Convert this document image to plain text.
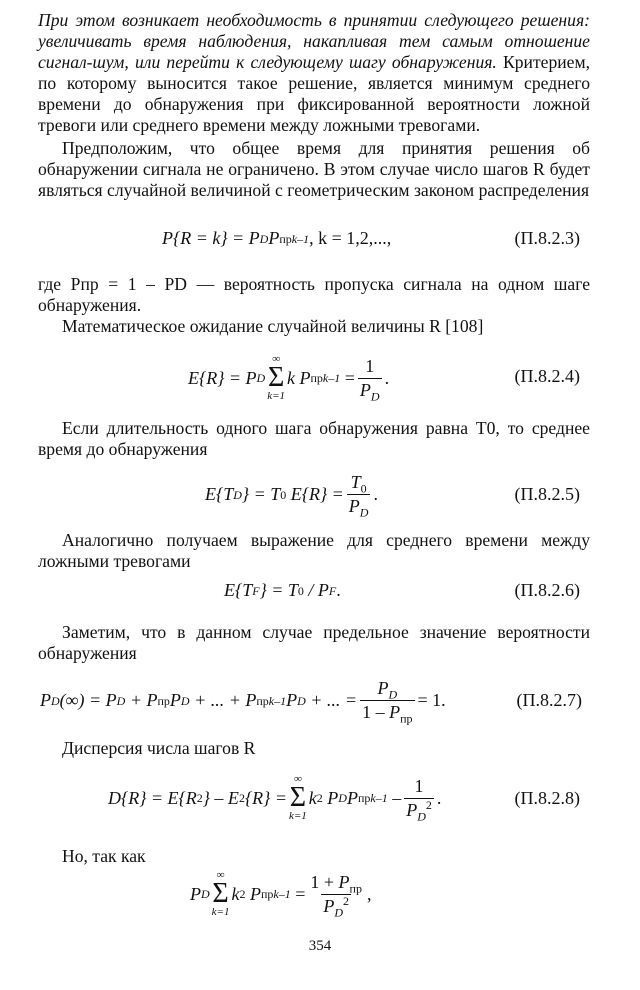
При этом возникает необходимость в принятии следующего решения: увеличивать время наблюдения, накапливая тем самым отношение сигнал-шум, или перейти к следующему шагу обнаружения. Критерием, по которому выносится такое решение, является минимум среднего времени до обнаружения при фиксированной вероятности ложной тревоги или среднего времени между ложными тревогами.

Предположим, что общее время для принятия решения об обнаружении сигнала не ограничено. В этом случае число шагов R будет являться случайной величиной с геометрическим законом распределения

P{R = k} = P D P пр k–1 , k = 1,2,...,	(П.8.2.3)

где Pпр = 1 – PD — вероятность пропуска сигнала на одном шаге обнаружения.

Математическое ожидание случайной величины R [108]

E{R} = P D
∞
Σ
k=1
k P пр $k-1 = \frac{1}{P_D}$ .	(П.8.2.4)

Если длительность одного шага обнаружения равна T0, то среднее время до обнаружения

E{T D } = T 0 $E\{R\} = \frac{T_0}{P_D}$ .	(П.8.2.5)

Аналогично получаем выражение для среднего времени между ложными тревогами

E{T F } = T 0 / P F .	(П.8.2.6)

Заметим, что в данном случае предельное значение вероятности обнаружения

P D (∞) = P D + P пр P D + ... + P пр k–1 P D + ... = $\frac{P_D}{1 - P_{пр}} = 1$.	(П.8.2.7)

Дисперсия числа шагов R

D{R} = E{R 2 } – E 2 {R} =
∞
Σ
k=1
k 2 P D P пр $k-1 - \frac{1}{P_D^2}$ .	(П.8.2.8)

Но, так как

P D
∞
Σ
k=1
k 2 P пр $k-1 = \frac{1 + P_{пр}}{P_D^2}$ ,
354
